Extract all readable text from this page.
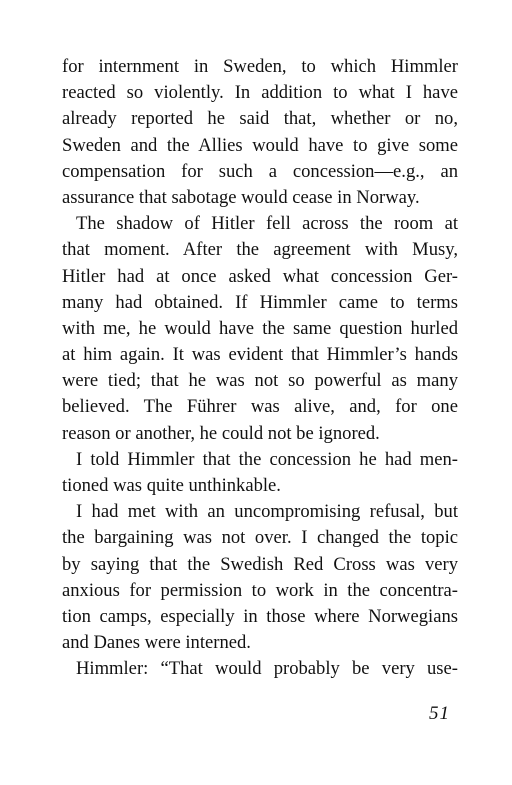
for internment in Sweden, to which Himmler
reacted so violently. In addition to what I have
already reported he said that, whether or no,
Sweden and the Allies would have to give some
compensation for such a concession—e.g., an
assurance that sabotage would cease in Norway.
The shadow of Hitler fell across the room at
that moment. After the agreement with Musy,
Hitler had at once asked what concession Ger-
many had obtained. If Himmler came to terms
with me, he would have the same question hurled
at him again. It was evident that Himmler’s hands
were tied; that he was not so powerful as many
believed. The Führer was alive, and, for one
reason or another, he could not be ignored.
I told Himmler that the concession he had men-
tioned was quite unthinkable.
I had met with an uncompromising refusal, but
the bargaining was not over. I changed the topic
by saying that the Swedish Red Cross was very
anxious for permission to work in the concentra-
tion camps, especially in those where Norwegians
and Danes were interned.
Himmler: “That would probably be very use-
51
